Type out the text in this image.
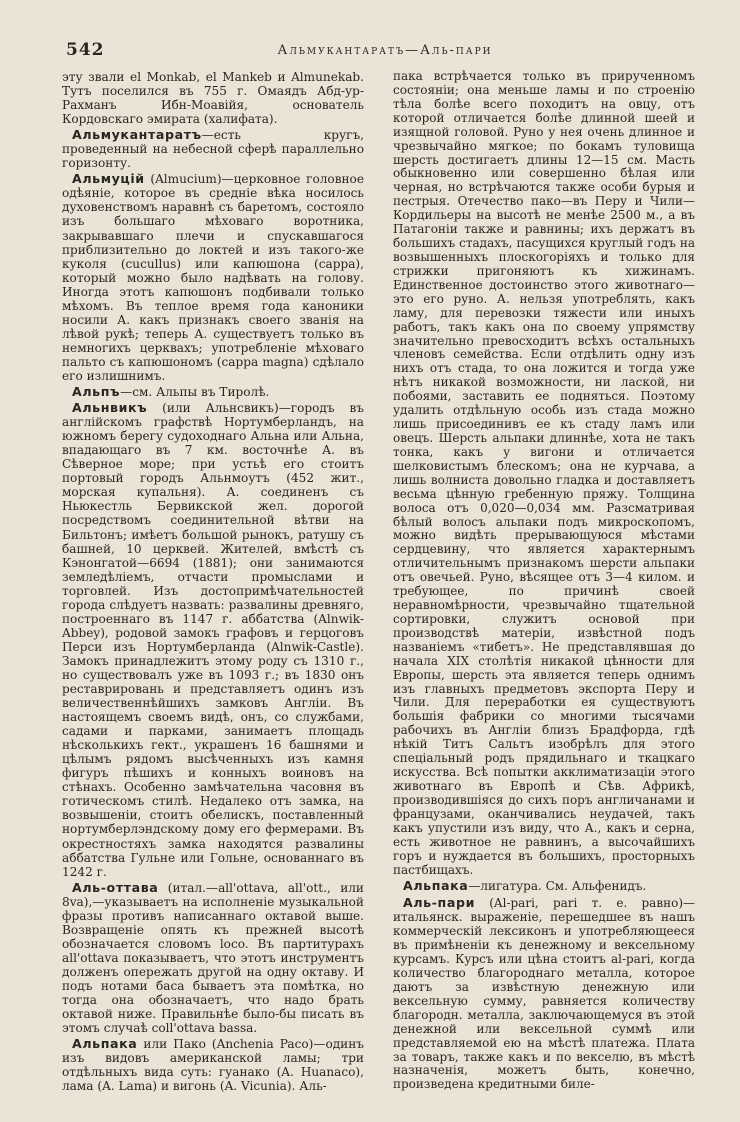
542	Альмукантаратъ—Аль-пари

эту звали el Monkab, el Mankeb и Almunekab. Тутъ поселился въ 755 г. Омаядъ Абд-ур-Рахманъ Ибн-Моавійя, основатель Кордовскаго эмирата (халифата).

Альмукантаратъ—есть кругъ, проведенный на небесной сферѣ параллельно горизонту.

Альмуцій (Almucium)—церковное головное одѣяніе, которое въ средніе вѣка носилось духовенствомъ наравнѣ съ баретомъ, состояло изъ большаго мѣховаго воротника, закрывавшаго плечи и спускавшагося приблизительно до локтей и изъ такого-же куколя (cucullus) или капюшона (cappa), который можно было надѣвать на голову. Иногда этотъ капюшонъ подбивали только мѣхомъ. Въ теплое время года каноники носили А. какъ признакъ своего званія на лѣвой рукѣ; теперь А. существуетъ только въ немногихъ церквахъ; употребленіе мѣховаго пальто съ капюшономъ (cappa magna) сдѣлало его излишнимъ.

Альпъ—см. Альпы въ Тиролѣ.

Альнвикъ (или Альнсвикъ)—городъ въ англійскомъ графствѣ Нортумберландъ, на южномъ берегу судоходнаго Альна или Альна, впадающаго въ 7 км. восточнѣе А. въ Сѣверное море; при устьѣ его стоитъ портовый городъ Альнмоутъ (452 жит., морская купальня). А. соединенъ съ Ньюкестль Бервикской жел. дорогой посредствомъ соединительной вѣтви на Бильтонъ; имѣетъ большой рынокъ, ратушу съ башней, 10 церквей. Жителей, вмѣстѣ съ Кэнонгатой—6694 (1881); они занимаются земледѣліемъ, отчасти промыслами и торговлей. Изъ достопримѣчательностей города слѣдуетъ назвать: развалины древняго, построеннаго въ 1147 г. аббатства (Alnwik-Abbey), родовой замокъ графовъ и герцоговъ Перси изъ Нортумберланда (Alnwik-Castle). Замокъ принадлежитъ этому роду съ 1310 г., но существовалъ уже въ 1093 г.; въ 1830 онъ реставрировань и представляетъ одинъ изъ величественнѣйшихъ замковъ Англіи. Въ настоящемъ своемъ видѣ, онъ, со службами, садами и парками, занимаетъ площадь нѣсколькихъ гект., украшенъ 16 башнями и цѣлымъ рядомъ высѣченныхъ изъ камня фигуръ пѣшихъ и конныхъ воиновъ на стѣнахъ. Особенно замѣчательна часовня въ готическомъ стилѣ. Недалеко отъ замка, на возвышеніи, стоитъ обелискъ, поставленный нортумберлэндскому дому его фермерами. Въ окрестностяхъ замка находятся развалины аббатства Гульне или Гольне, основаннаго въ 1242 г.

Аль-оттава (итал.—all'ottava, all'ott., или 8va),—указываетъ на исполненіе музыкальной фразы противъ написаннаго октавой выше. Возвращеніе опять къ прежней высотѣ обозначается словомъ loco. Въ партитурахъ all'ottava показываетъ, что этотъ инструментъ долженъ опережать другой на одну октаву. И подъ нотами баса бываетъ эта помѣтка, но тогда она обозначаетъ, что надо брать октавой ниже. Правильнѣе было-бы писать въ этомъ случаѣ coll'ottava bassa.

Альпака или Пако (Anchenia Paco)—одинъ изъ видовъ американской ламы; три отдѣльныхъ вида суть: гуанако (A. Huanaco), лама (A. Lama) и вигонь (A. Vicunia). Аль-

пака встрѣчается только въ прирученномъ состояніи; она меньше ламы и по строенію тѣла болѣе всего походитъ на овцу, отъ которой отличается болѣе длинной шеей и изящной головой. Руно у нея очень длинное и чрезвычайно мягкое; по бокамъ туловища шерсть достигаетъ длины 12—15 см. Масть обыкновенно или совершенно бѣлая или черная, но встрѣчаются также особи бурыя и пестрыя. Отечество пако—въ Перу и Чили—Кордильеры на высотѣ не менѣе 2500 м., а въ Патагоніи также и равнины; ихъ держатъ въ большихъ стадахъ, пасущихся круглый годъ на возвышенныхъ плоскогоріяхъ и только для стрижки пригоняютъ къ хижинамъ. Единственное достоинство этого животнаго—это его руно. А. нельзя употреблять, какъ ламу, для перевозки тяжести или иныхъ работъ, такъ какъ она по своему упрямству значительно превосходитъ всѣхъ остальныхъ членовъ семейства. Если отдѣлить одну изъ нихъ отъ стада, то она ложится и тогда уже нѣтъ никакой возможности, ни лаской, ни побоями, заставить ее подняться. Поэтому удалить отдѣльную особь изъ стада можно лишь присоединивъ ее къ стаду ламъ или овецъ. Шерсть альпаки длиннѣе, хота не такъ тонка, какъ у вигони и отличается шелковистымъ блескомъ; она не курчава, а лишь волниста довольно гладка и доставляетъ весьма цѣнную гребенную пряжу. Толщина волоса отъ 0,020—0,034 мм. Разсматривая бѣлый волосъ альпаки подъ микроскопомъ, можно видѣть прерывающуюся мѣстами сердцевину, что является характернымъ отличительнымъ признакомъ шерсти альпаки отъ овечьей. Руно, вѣсящее отъ 3—4 килом. и требующее, по причинѣ своей неравномѣрности, чрезвычайно тщательной сортировки, служитъ основой при производствѣ матеріи, извѣстной подъ названіемъ «тибетъ». Не представлявшая до начала XIX столѣтія никакой цѣнности для Европы, шерсть эта является теперь однимъ изъ главныхъ предметовъ экспорта Перу и Чили. Для переработки ея существуютъ большія фабрики со многими тысячами рабочихъ въ Англіи близъ Брадфорда, гдѣ нѣкій Титъ Сальтъ изобрѣлъ для этого спеціальный родъ прядильнаго и ткацкаго искусства. Всѣ попытки акклиматизаціи этого животнаго въ Европѣ и Сѣв. Африкѣ, производившіяся до сихъ поръ англичанами и французами, оканчивались неудачей, такъ какъ упустили изъ виду, что А., какъ и серна, есть животное не равнинъ, а высочайшихъ горъ и нуждается въ большихъ, просторныхъ пастбищахъ.

Альпака—лигатура. См. Альфенидъ.

Аль-пари (Al-pari, pari т. е. равно)—итальянск. выраженіе, перешедшее въ нашъ коммерческій лексиконъ и употребляющееся въ примѣненіи къ денежному и вексельному курсамъ. Курсъ или цѣна стоитъ al-pari, когда количество благороднаго металла, которое даютъ за извѣстную денежную или вексельную сумму, равняется количеству благородн. металла, заключающемуся въ этой денежной или вексельной суммѣ или представляемой ею на мѣстѣ платежа. Плата за товаръ, также какъ и по векселю, въ мѣстѣ назначенія, можетъ быть, конечно, произведена кредитными биле-
